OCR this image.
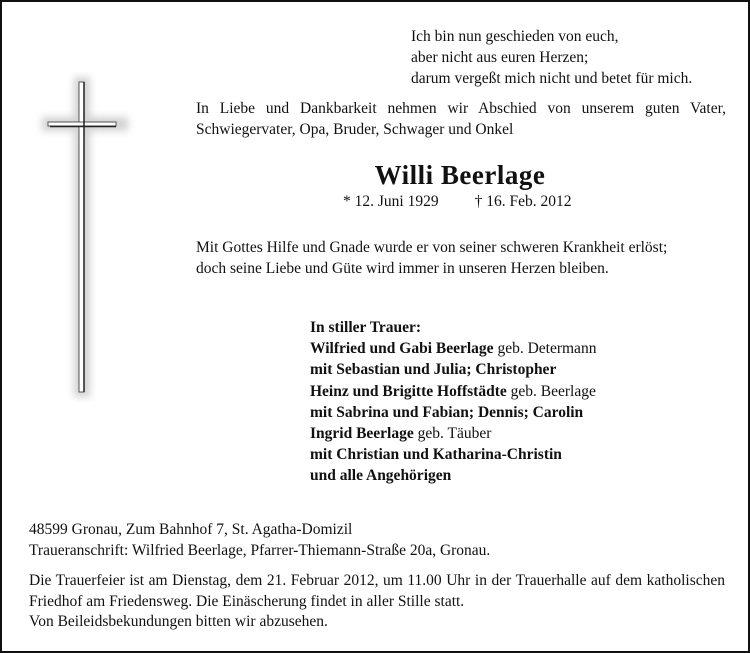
Ich bin nun geschieden von euch,
aber nicht aus euren Herzen;
darum vergeßt mich nicht und betet für mich.
In Liebe und Dankbarkeit nehmen wir Abschied von unserem guten Vater, Schwiegervater, Opa, Bruder, Schwager und Onkel
Willi Beerlage
* 12. Juni 1929 † 16. Feb. 2012
Mit Gottes Hilfe und Gnade wurde er von seiner schweren Krankheit erlöst;
doch seine Liebe und Güte wird immer in unseren Herzen bleiben.
In stiller Trauer:
Wilfried und Gabi Beerlage geb. Determann
mit Sebastian und Julia; Christopher
Heinz und Brigitte Hoffstädte geb. Beerlage
mit Sabrina und Fabian; Dennis; Carolin
Ingrid Beerlage geb. Täuber
mit Christian und Katharina-Christin
und alle Angehörigen
48599 Gronau, Zum Bahnhof 7, St. Agatha-Domizil
Traueranschrift: Wilfried Beerlage, Pfarrer-Thiemann-Straße 20a, Gronau.
Die Trauerfeier ist am Dienstag, dem 21. Februar 2012, um 11.00 Uhr in der Trauerhalle auf dem katholischen Friedhof am Friedensweg. Die Einäscherung findet in aller Stille statt.
Von Beileidsbekundungen bitten wir abzusehen.
